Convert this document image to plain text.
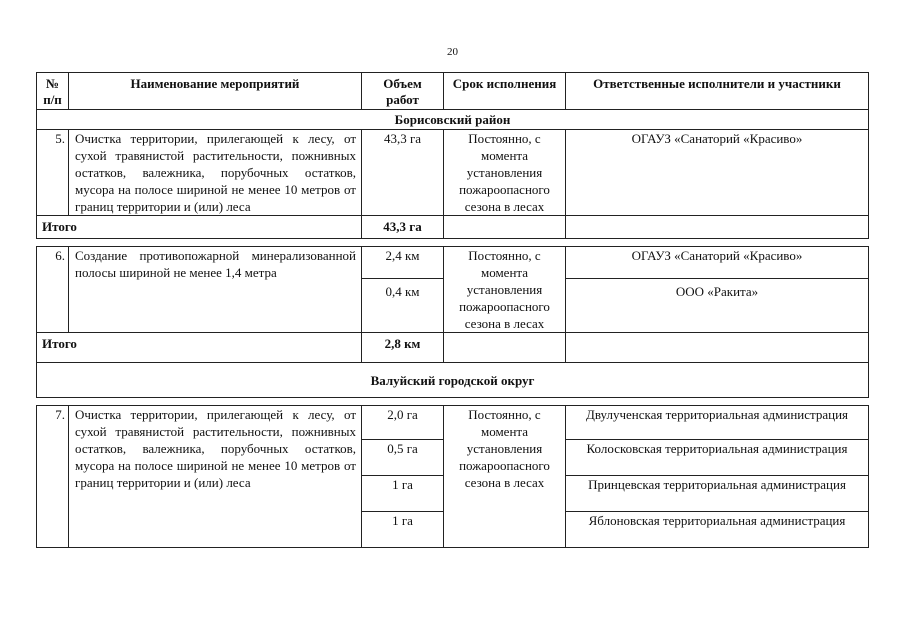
20
№ п/п	Наименование мероприятий	Объем работ	Срок исполнения	Ответственные исполнители и участники
Борисовский район				
5.	Очистка территории, прилегающей к лесу, от сухой травянистой растительности, пожнивных остатков, валежника, порубочных остатков, мусора на полосе шириной не менее 10 метров от границ территории и (или) леса	43,3 га	Постоянно, с момента установления пожароопасного сезона в лесах	ОГАУЗ «Санаторий «Красиво»
Итого		43,3 га		

6.	Создание противопожарной минерализованной полосы шириной не менее 1,4 метра	2,4 км	Постоянно, с момента установления пожароопасного сезона в лесах	ОГАУЗ «Санаторий «Красиво»
		0,4 км		ООО «Ракита»
Итого		2,8 км		
Валуйский городской округ				

7.	Очистка территории, прилегающей к лесу, от сухой травянистой растительности, пожнивных остатков, валежника, порубочных остатков, мусора на полосе шириной не менее 10 метров от границ территории и (или) леса	2,0 га	Постоянно, с момента установления пожароопасного сезона в лесах	Двулученская территориальная администрация
		0,5 га		Колосковская территориальная администрация
		1 га		Принцевская территориальная администрация
		1 га		Яблоновская территориальная администрация
